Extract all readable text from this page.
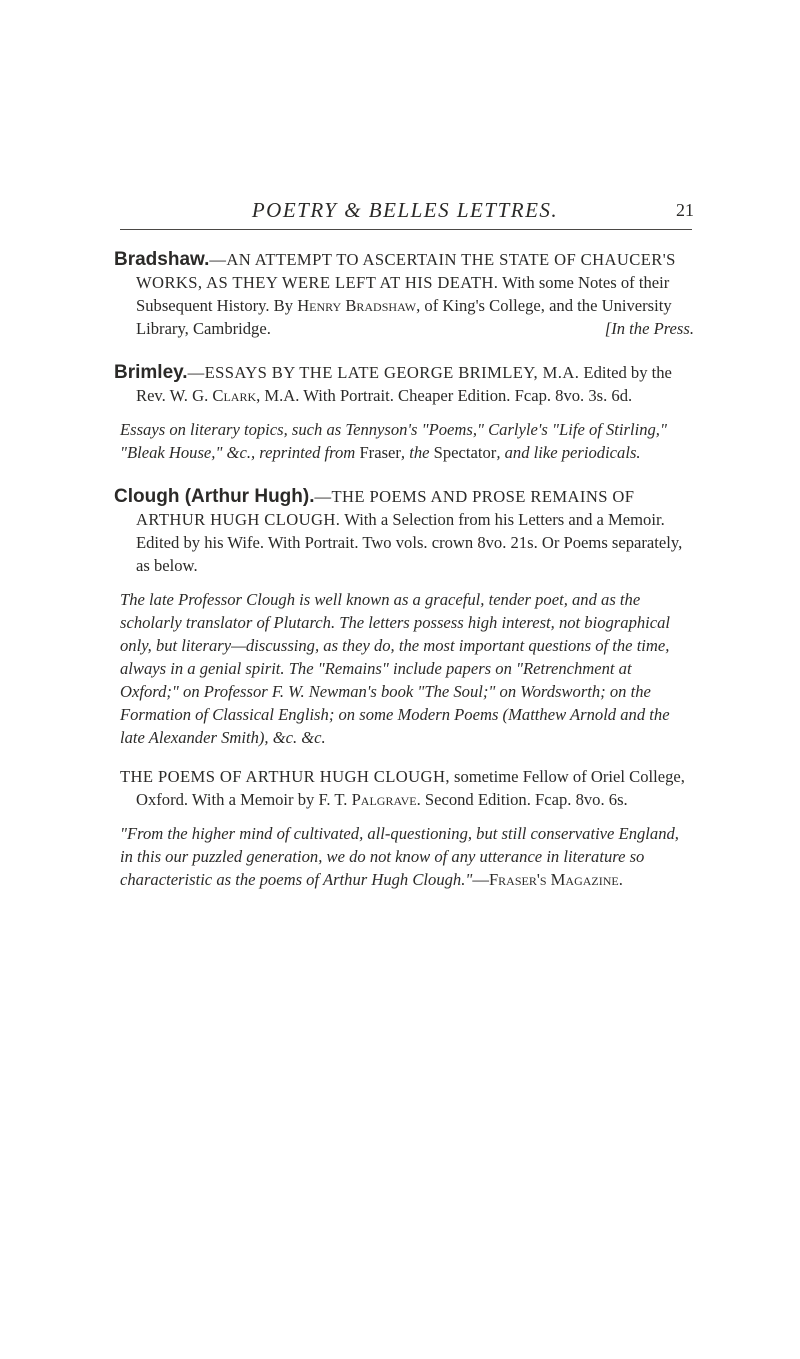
POETRY & BELLES LETTRES.	21
Bradshaw.—AN ATTEMPT TO ASCERTAIN THE STATE OF CHAUCER'S WORKS, AS THEY WERE LEFT AT HIS DEATH. With some Notes of their Subsequent History. By Henry Bradshaw, of King's College, and the University Library, Cambridge.	[In the Press.
Brimley.—ESSAYS BY THE LATE GEORGE BRIMLEY, M.A. Edited by the Rev. W. G. Clark, M.A. With Portrait. Cheaper Edition. Fcap. 8vo. 3s. 6d.
Essays on literary topics, such as Tennyson's "Poems," Carlyle's "Life of Stirling," "Bleak House," &c., reprinted from Fraser, the Spectator, and like periodicals.
Clough (Arthur Hugh).—THE POEMS AND PROSE REMAINS OF ARTHUR HUGH CLOUGH. With a Selection from his Letters and a Memoir. Edited by his Wife. With Portrait. Two vols. crown 8vo. 21s. Or Poems separately, as below.
The late Professor Clough is well known as a graceful, tender poet, and as the scholarly translator of Plutarch. The letters possess high interest, not biographical only, but literary—discussing, as they do, the most important questions of the time, always in a genial spirit. The "Remains" include papers on "Retrenchment at Oxford;" on Professor F. W. Newman's book "The Soul;" on Wordsworth; on the Formation of Classical English; on some Modern Poems (Matthew Arnold and the late Alexander Smith), &c. &c.
THE POEMS OF ARTHUR HUGH CLOUGH, sometime Fellow of Oriel College, Oxford. With a Memoir by F. T. Palgrave. Second Edition. Fcap. 8vo. 6s.
"From the higher mind of cultivated, all-questioning, but still conservative England, in this our puzzled generation, we do not know of any utterance in literature so characteristic as the poems of Arthur Hugh Clough."—Fraser's Magazine.
